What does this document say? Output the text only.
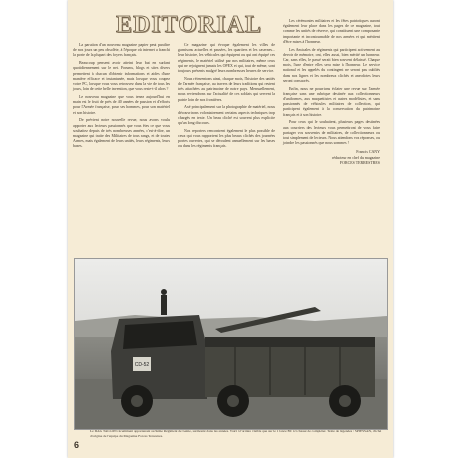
EDITORIAL

La parution d'un nouveau magazine papier peut paraître de nos jours un peu obsolète, à l'époque où internet a franchi la porte de la plupart des foyers français.

Beaucoup pensent avoir atteint leur but en surfant quotidiennement sur le net. Forums, blogs et sites divers permettent à chacun d'obtenir informations et aides d'une manière efficace et instantanée, mais lorsque vous coupez votre PC, lorsque vous vous retrouvez dans la vie de tous les jours, loin de cette belle invention, que vous reste-t-il alors ?

Le nouveau magazine que vous tenez aujourd'hui en main est le fruit de près de 40 années de passion et d'efforts pour l'Armée française, pour ses hommes, pour son matériel et son histoire.

De prévient notre nouvelle revue, nous avons voulu apporter aux lecteurs passionnés que vous êtes ce que vous souhaitez depuis de très nombreuses années, c'est-à-dire, un magazine qui traite des Militaires de tous rangs, et de toutes Armes, mais également de leurs unités, leurs régiments, leurs bases.

Ce magazine qui évoque également les villes de garnisons actuelles et passées, les quartiers et les casernes... leur histoire, les véhicules qui équipent ou qui ont équipé ces régiments, le matériel utilisé par nos militaires, même ceux qui ne rejoignent jamais les OPEX et qui, tout de même, sont toujours présents malgré leurs nombreuses heures de service.

Nous réinventons ainsi, chaque mois, l'histoire des unités de l'armée française, au travers de leurs traditions qui restent très attachées au patrimoine de notre pays. Mensuellement, nous reviendrons sur l'actualité de ces soldats qui servent la patrie loin de nos frontières.

Axé principalement sur la photographie de matériel, nous découvrirons volontairement certains aspects techniques trop chargés en texte. Un beau cliché est souvent plus explicite qu'un long discours.

Nos reporters rencontrent également le plus possible de ceux qui vous rapportent les plus beaux clichés des journées portes ouvertes, qui se déroulent annuellement sur les bases ou dans les régiments français.

Les cérémonies militaires et les fêtes patriotiques auront également leur place dans les pages de ce magazine, tout comme les unités de réserve, qui constituent une composante importante et incontournable de nos armées et qui méritent d'être mises à l'honneur.

Les Amicales de régiments qui participent activement au devoir de mémoire, ont, elles aussi, bien mérité un honneur. Car, sans elles, le passé serait bien souvent délaissé. Chaque mois, l'une d'entre elles sera mise à l'honneur. Le service national et les appelés du contingent ne seront pas oubliés dans nos lignes et les nombreux clichés et anecdotes leurs seront consacrés.

Enfin, nous ne pourrions éclater une revue sur l'armée française sans une rubrique destinée aux collectionneurs d'uniformes, aux maquettistes et autres modélistes, et sans passionnés de véhicules militaires de collection, qui participent également à la conservation du patrimoine français et à son histoire.

Pour ceux qui le souhaitent, plusieurs pages destinées aux courriers des lecteurs vous permettront de vous faire partager vos souvenirs de militaires, de collectionneurs ou tout simplement de lecteurs. Nous attendons vos réponses, ou joindre les passionnés que nous sommes !

Francis CANY
rédacteur en chef du magazine
FORCES TERRESTRES
CD-52
Le DAG TALLON récemment appartenant au 9ème Régiment de Génie, surmonté dans les années. Voici à l'arrière visible que sur le 1 lance BC ici chassé de compléter. Texte de légendes : SPIESSAN, cliché d'origine de l'équipe du Magazine Forces Terrestres.
6
